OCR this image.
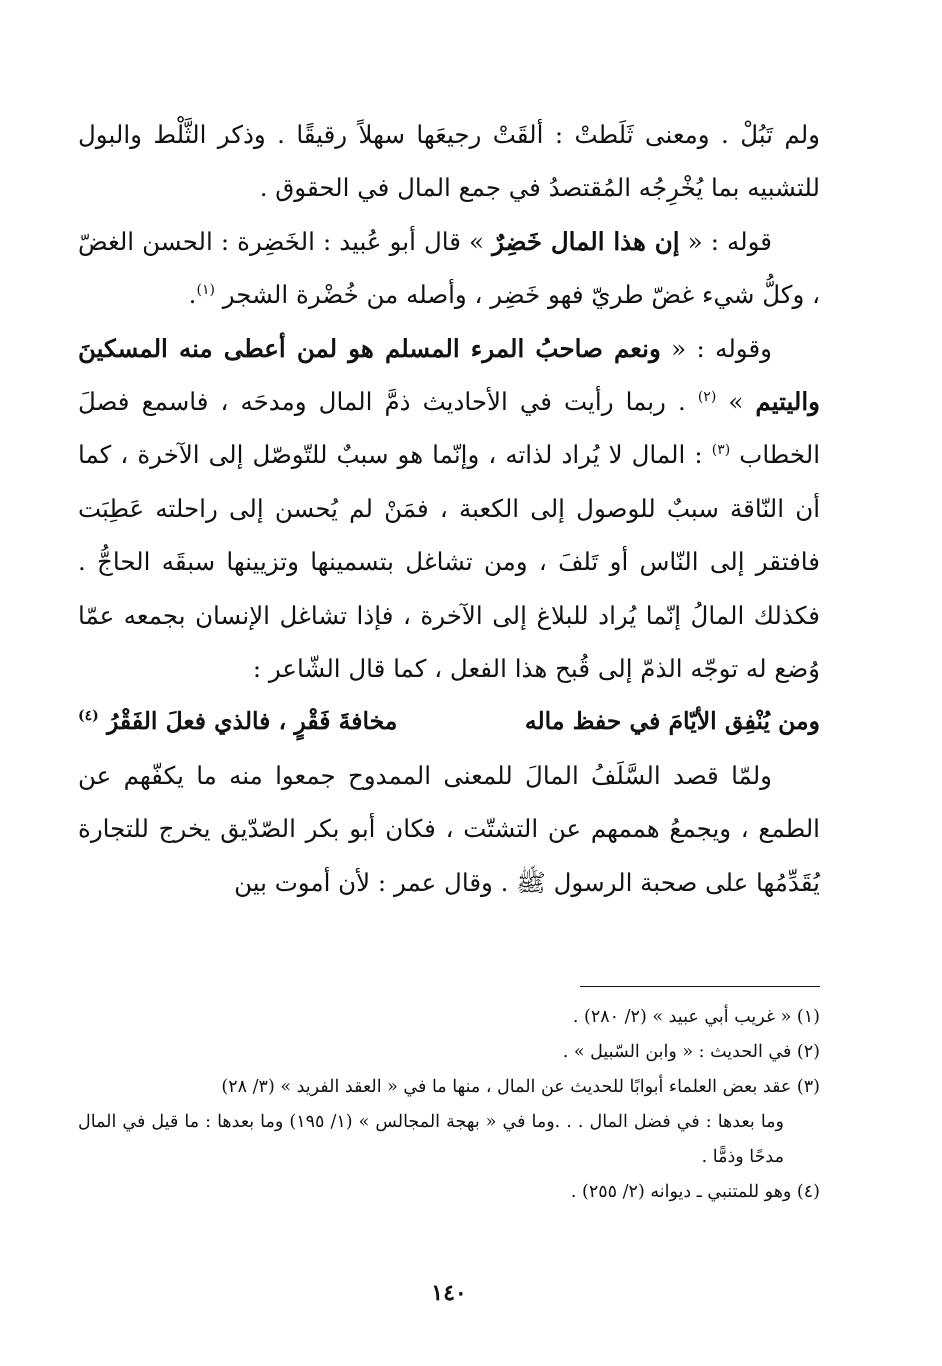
ولم تَبُلْ . ومعنى ثَلَطتْ : ألقَتْ رجيعَها سهلاً رقيقًا . وذكر الثَّلْط والبول للتشبيه بما يُخْرِجُه المُقتصدُ في جمع المال في الحقوق .

قوله : « إن هذا المال خَضِرٌ » قال أبو عُبيد : الخَضِرة : الحسن الغضّ ، وكلُّ شيء غضّ طريّ فهو خَضِر ، وأصله من خُضْرة الشجر $^{(١)}$.

وقوله : « ونعم صاحبُ المرء المسلم هو لمن أعطى منه المسكينَ واليتيم » $^{(٢)}$ . ربما رأيت في الأحاديث ذمَّ المال ومدحَه ، فاسمع فصلَ الخطاب $^{(٣)}$ : المال لا يُراد لذاته ، وإنّما هو سببٌ للتّوصّل إلى الآخرة ، كما أن النّاقة سببٌ للوصول إلى الكعبة ، فمَنْ لم يُحسن إلى راحلته عَطِبَت فافتقر إلى النّاس أو تَلفَ ، ومن تشاغل بتسمينها وتزيينها سبقَه الحاجُّ . فكذلك المالُ إنّما يُراد للبلاغ إلى الآخرة ، فإذا تشاغل الإنسان بجمعه عمّا وُضع له توجّه الذمّ إلى قُبح هذا الفعل ، كما قال الشّاعر :

ومن يُنْفِق الأيّامَ في حفظ ماله
مخافةَ فَقْرٍ ، فالذي فعلَ الفَقْرُ $^{(٤)}$

ولمّا قصد السَّلَفُ المالَ للمعنى الممدوح جمعوا منه ما يكفّهم عن الطمع ، ويجمعُ هممهم عن التشتّت ، فكان أبو بكر الصّدّيق يخرج للتجارة يُقَدِّمُها على صحبة الرسول ﷺ . وقال عمر : لأن أموت بين

(١) « غريب أبي عبيد » (٢/ ٢٨٠) .

(٢) في الحديث : « وابن السّبيل » .

(٣) عقد بعض العلماء أبوابًا للحديث عن المال ، منها ما في « العقد الفريد » (٣/ ٢٨)

وما بعدها : في فضل المال . . .وما في « بهجة المجالس » (١/ ١٩٥) وما بعدها : ما قيل في المال مدحًا وذمًّا .

(٤) وهو للمتنبي ـ ديوانه (٢/ ٢٥٥) .

١٤٠
